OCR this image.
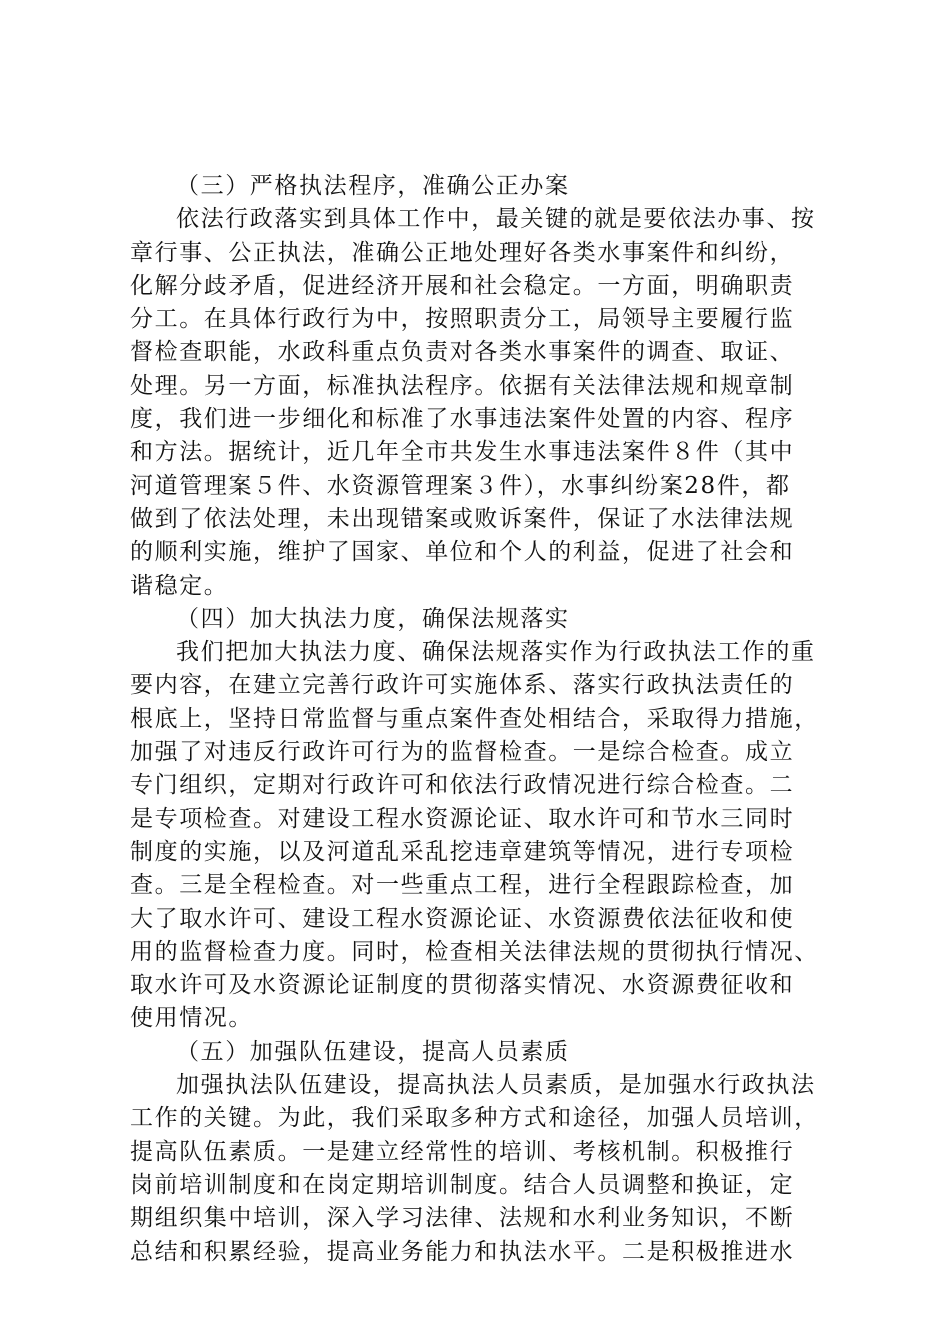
（三）严格执法程序，准确公正办案
依法行政落实到具体工作中，最关键的就是要依法办事、按
章行事、公正执法，准确公正地处理好各类水事案件和纠纷，
化解分歧矛盾，促进经济开展和社会稳定。一方面，明确职责
分工。在具体行政行为中，按照职责分工，局领导主要履行监
督检查职能，水政科重点负责对各类水事案件的调查、取证、
处理。另一方面，标准执法程序。依据有关法律法规和规章制
度，我们进一步细化和标准了水事违法案件处置的内容、程序
和方法。据统计，近几年全市共发生水事违法案件８件（其中
河道管理案５件、水资源管理案３件），水事纠纷案28件，都
做到了依法处理，未出现错案或败诉案件，保证了水法律法规
的顺利实施，维护了国家、单位和个人的利益，促进了社会和
谐稳定。
（四）加大执法力度，确保法规落实
我们把加大执法力度、确保法规落实作为行政执法工作的重
要内容，在建立完善行政许可实施体系、落实行政执法责任的
根底上，坚持日常监督与重点案件查处相结合，采取得力措施，
加强了对违反行政许可行为的监督检查。一是综合检查。成立
专门组织，定期对行政许可和依法行政情况进行综合检查。二
是专项检查。对建设工程水资源论证、取水许可和节水三同时
制度的实施，以及河道乱采乱挖违章建筑等情况，进行专项检
查。三是全程检查。对一些重点工程，进行全程跟踪检查，加
大了取水许可、建设工程水资源论证、水资源费依法征收和使
用的监督检查力度。同时，检查相关法律法规的贯彻执行情况、
取水许可及水资源论证制度的贯彻落实情况、水资源费征收和
使用情况。
（五）加强队伍建设，提高人员素质
加强执法队伍建设，提高执法人员素质，是加强水行政执法
工作的关键。为此，我们采取多种方式和途径，加强人员培训，
提高队伍素质。一是建立经常性的培训、考核机制。积极推行
岗前培训制度和在岗定期培训制度。结合人员调整和换证，定
期组织集中培训，深入学习法律、法规和水利业务知识，不断
总结和积累经验，提高业务能力和执法水平。二是积极推进水
